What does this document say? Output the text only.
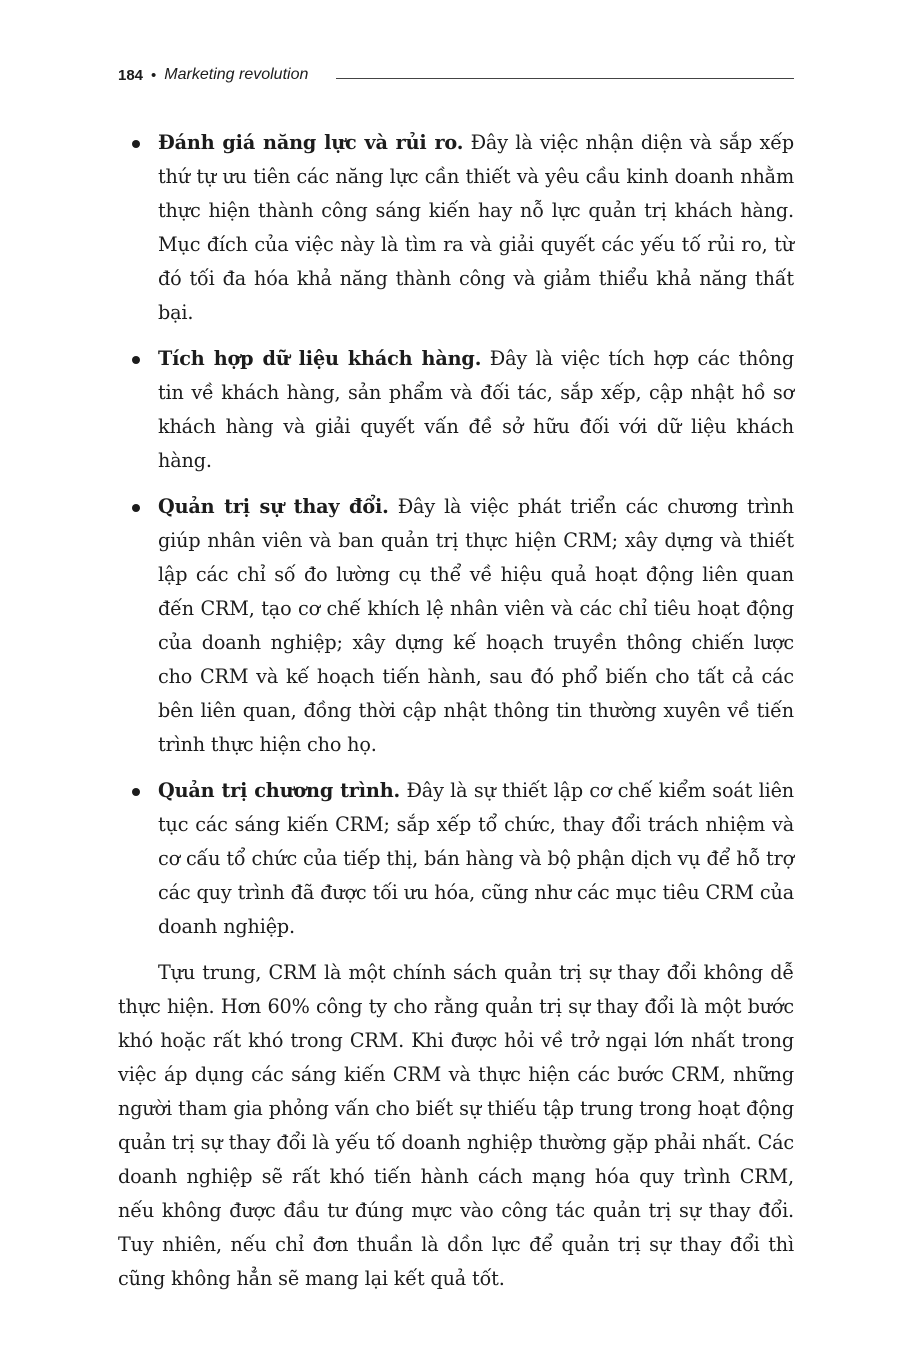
184 • Marketing revolution
Đánh giá năng lực và rủi ro. Đây là việc nhận diện và sắp xếp thứ tự ưu tiên các năng lực cần thiết và yêu cầu kinh doanh nhằm thực hiện thành công sáng kiến hay nỗ lực quản trị khách hàng. Mục đích của việc này là tìm ra và giải quyết các yếu tố rủi ro, từ đó tối đa hóa khả năng thành công và giảm thiểu khả năng thất bại.
Tích hợp dữ liệu khách hàng. Đây là việc tích hợp các thông tin về khách hàng, sản phẩm và đối tác, sắp xếp, cập nhật hồ sơ khách hàng và giải quyết vấn đề sở hữu đối với dữ liệu khách hàng.
Quản trị sự thay đổi. Đây là việc phát triển các chương trình giúp nhân viên và ban quản trị thực hiện CRM; xây dựng và thiết lập các chỉ số đo lường cụ thể về hiệu quả hoạt động liên quan đến CRM, tạo cơ chế khích lệ nhân viên và các chỉ tiêu hoạt động của doanh nghiệp; xây dựng kế hoạch truyền thông chiến lược cho CRM và kế hoạch tiến hành, sau đó phổ biến cho tất cả các bên liên quan, đồng thời cập nhật thông tin thường xuyên về tiến trình thực hiện cho họ.
Quản trị chương trình. Đây là sự thiết lập cơ chế kiểm soát liên tục các sáng kiến CRM; sắp xếp tổ chức, thay đổi trách nhiệm và cơ cấu tổ chức của tiếp thị, bán hàng và bộ phận dịch vụ để hỗ trợ các quy trình đã được tối ưu hóa, cũng như các mục tiêu CRM của doanh nghiệp.

Tựu trung, CRM là một chính sách quản trị sự thay đổi không dễ thực hiện. Hơn 60% công ty cho rằng quản trị sự thay đổi là một bước khó hoặc rất khó trong CRM. Khi được hỏi về trở ngại lớn nhất trong việc áp dụng các sáng kiến CRM và thực hiện các bước CRM, những người tham gia phỏng vấn cho biết sự thiếu tập trung trong hoạt động quản trị sự thay đổi là yếu tố doanh nghiệp thường gặp phải nhất. Các doanh nghiệp sẽ rất khó tiến hành cách mạng hóa quy trình CRM, nếu không được đầu tư đúng mực vào công tác quản trị sự thay đổi. Tuy nhiên, nếu chỉ đơn thuần là dồn lực để quản trị sự thay đổi thì cũng không hẳn sẽ mang lại kết quả tốt.
